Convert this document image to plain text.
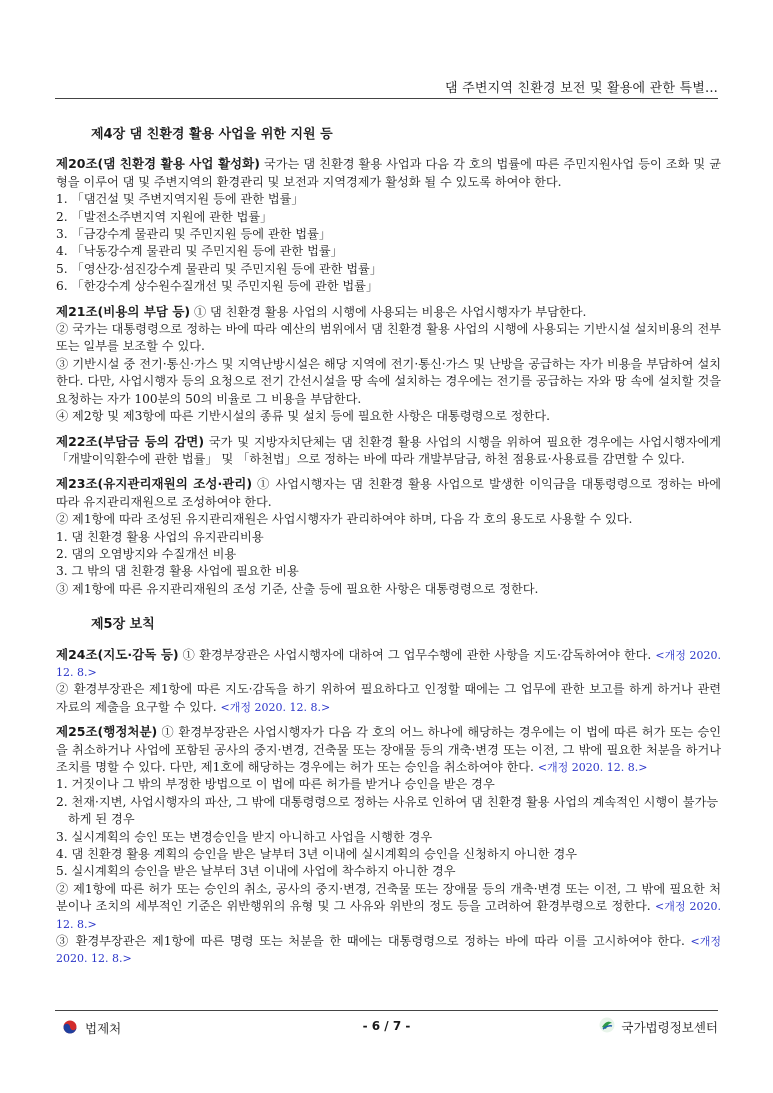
댐 주변지역 친환경 보전 및 활용에 관한 특별...
제4장 댐 친환경 활용 사업을 위한 지원 등

제20조(댐 친환경 활용 사업 활성화) 국가는 댐 친환경 활용 사업과 다음 각 호의 법률에 따른 주민지원사업 등이 조화 및 균형을 이루어 댐 및 주변지역의 환경관리 및 보전과 지역경제가 활성화 될 수 있도록 하여야 한다.

1. 「댐건설 및 주변지역지원 등에 관한 법률」

2. 「발전소주변지역 지원에 관한 법률」

3. 「금강수계 물관리 및 주민지원 등에 관한 법률」

4. 「낙동강수계 물관리 및 주민지원 등에 관한 법률」

5. 「영산강·섬진강수계 물관리 및 주민지원 등에 관한 법률」

6. 「한강수계 상수원수질개선 및 주민지원 등에 관한 법률」

제21조(비용의 부담 등) ① 댐 친환경 활용 사업의 시행에 사용되는 비용은 사업시행자가 부담한다.

② 국가는 대통령령으로 정하는 바에 따라 예산의 범위에서 댐 친환경 활용 사업의 시행에 사용되는 기반시설 설치비용의 전부 또는 일부를 보조할 수 있다.

③ 기반시설 중 전기·통신·가스 및 지역난방시설은 해당 지역에 전기·통신·가스 및 난방을 공급하는 자가 비용을 부담하여 설치한다. 다만, 사업시행자 등의 요청으로 전기 간선시설을 땅 속에 설치하는 경우에는 전기를 공급하는 자와 땅 속에 설치할 것을 요청하는 자가 100분의 50의 비율로 그 비용을 부담한다.

④ 제2항 및 제3항에 따른 기반시설의 종류 및 설치 등에 필요한 사항은 대통령령으로 정한다.

제22조(부담금 등의 감면) 국가 및 지방자치단체는 댐 친환경 활용 사업의 시행을 위하여 필요한 경우에는 사업시행자에게 「개발이익환수에 관한 법률」 및 「하천법」으로 정하는 바에 따라 개발부담금, 하천 점용료·사용료를 감면할 수 있다.

제23조(유지관리재원의 조성·관리) ① 사업시행자는 댐 친환경 활용 사업으로 발생한 이익금을 대통령령으로 정하는 바에 따라 유지관리재원으로 조성하여야 한다.

② 제1항에 따라 조성된 유지관리재원은 사업시행자가 관리하여야 하며, 다음 각 호의 용도로 사용할 수 있다.

1. 댐 친환경 활용 사업의 유지관리비용

2. 댐의 오염방지와 수질개선 비용

3. 그 밖의 댐 친환경 활용 사업에 필요한 비용

③ 제1항에 따른 유지관리재원의 조성 기준, 산출 등에 필요한 사항은 대통령령으로 정한다.

제5장 보칙

제24조(지도·감독 등) ① 환경부장관은 사업시행자에 대하여 그 업무수행에 관한 사항을 지도·감독하여야 한다. <개정 2020. 12. 8.>

② 환경부장관은 제1항에 따른 지도·감독을 하기 위하여 필요하다고 인정할 때에는 그 업무에 관한 보고를 하게 하거나 관련 자료의 제출을 요구할 수 있다. <개정 2020. 12. 8.>

제25조(행정처분) ① 환경부장관은 사업시행자가 다음 각 호의 어느 하나에 해당하는 경우에는 이 법에 따른 허가 또는 승인을 취소하거나 사업에 포함된 공사의 중지·변경, 건축물 또는 장애물 등의 개축·변경 또는 이전, 그 밖에 필요한 처분을 하거나 조치를 명할 수 있다. 다만, 제1호에 해당하는 경우에는 허가 또는 승인을 취소하여야 한다. <개정 2020. 12. 8.>

1. 거짓이나 그 밖의 부정한 방법으로 이 법에 따른 허가를 받거나 승인을 받은 경우

2. 천재·지변, 사업시행자의 파산, 그 밖에 대통령령으로 정하는 사유로 인하여 댐 친환경 활용 사업의 계속적인 시행이 불가능하게 된 경우

3. 실시계획의 승인 또는 변경승인을 받지 아니하고 사업을 시행한 경우

4. 댐 친환경 활용 계획의 승인을 받은 날부터 3년 이내에 실시계획의 승인을 신청하지 아니한 경우

5. 실시계획의 승인을 받은 날부터 3년 이내에 사업에 착수하지 아니한 경우

② 제1항에 따른 허가 또는 승인의 취소, 공사의 중지·변경, 건축물 또는 장애물 등의 개축·변경 또는 이전, 그 밖에 필요한 처분이나 조치의 세부적인 기준은 위반행위의 유형 및 그 사유와 위반의 정도 등을 고려하여 환경부령으로 정한다. <개정 2020. 12. 8.>

③ 환경부장관은 제1항에 따른 명령 또는 처분을 한 때에는 대통령령으로 정하는 바에 따라 이를 고시하여야 한다. <개정 2020. 12. 8.>

법제처	- 6 / 7 -	국가법령정보센터
